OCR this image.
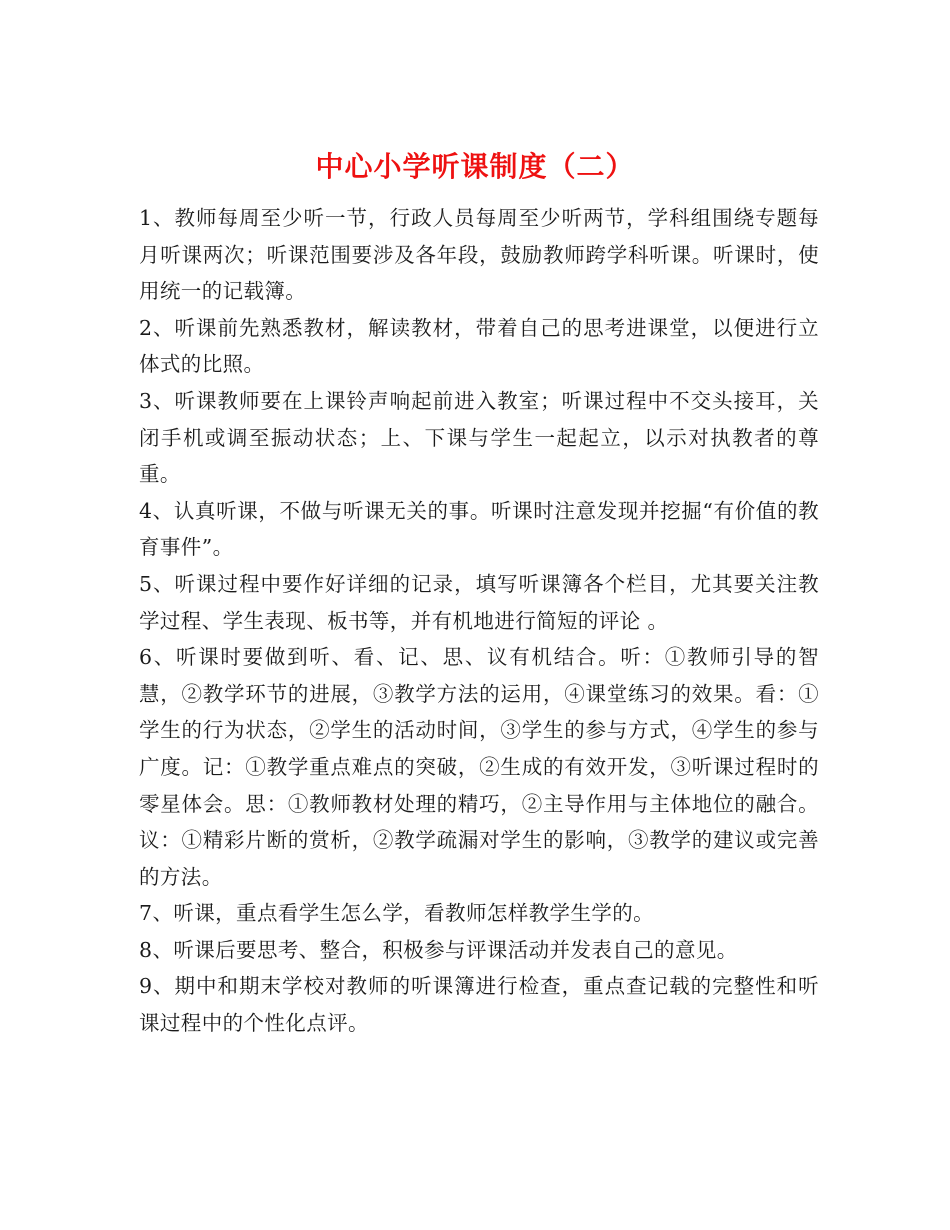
中心小学听课制度（二）

1、教师每周至少听一节，行政人员每周至少听两节，学科组围绕专题每月听课两次；听课范围要涉及各年段，鼓励教师跨学科听课。听课时，使用统一的记载簿。

2、听课前先熟悉教材，解读教材，带着自己的思考进课堂，以便进行立体式的比照。

3、听课教师要在上课铃声响起前进入教室；听课过程中不交头接耳，关闭手机或调至振动状态；上、下课与学生一起起立，以示对执教者的尊重。

4、认真听课，不做与听课无关的事。听课时注意发现并挖掘“有价值的教育事件”。

5、听课过程中要作好详细的记录，填写听课簿各个栏目，尤其要关注教学过程、学生表现、板书等，并有机地进行简短的评论 。

6、听课时要做到听、看、记、思、议有机结合。听：①教师引导的智慧，②教学环节的进展，③教学方法的运用，④课堂练习的效果。看：①学生的行为状态，②学生的活动时间，③学生的参与方式，④学生的参与广度。记：①教学重点难点的突破，②生成的有效开发，③听课过程时的零星体会。思：①教师教材处理的精巧，②主导作用与主体地位的融合。议：①精彩片断的赏析，②教学疏漏对学生的影响，③教学的建议或完善的方法。

7、听课，重点看学生怎么学，看教师怎样教学生学的。

8、听课后要思考、整合，积极参与评课活动并发表自己的意见。

9、期中和期末学校对教师的听课簿进行检查，重点查记载的完整性和听课过程中的个性化点评。
